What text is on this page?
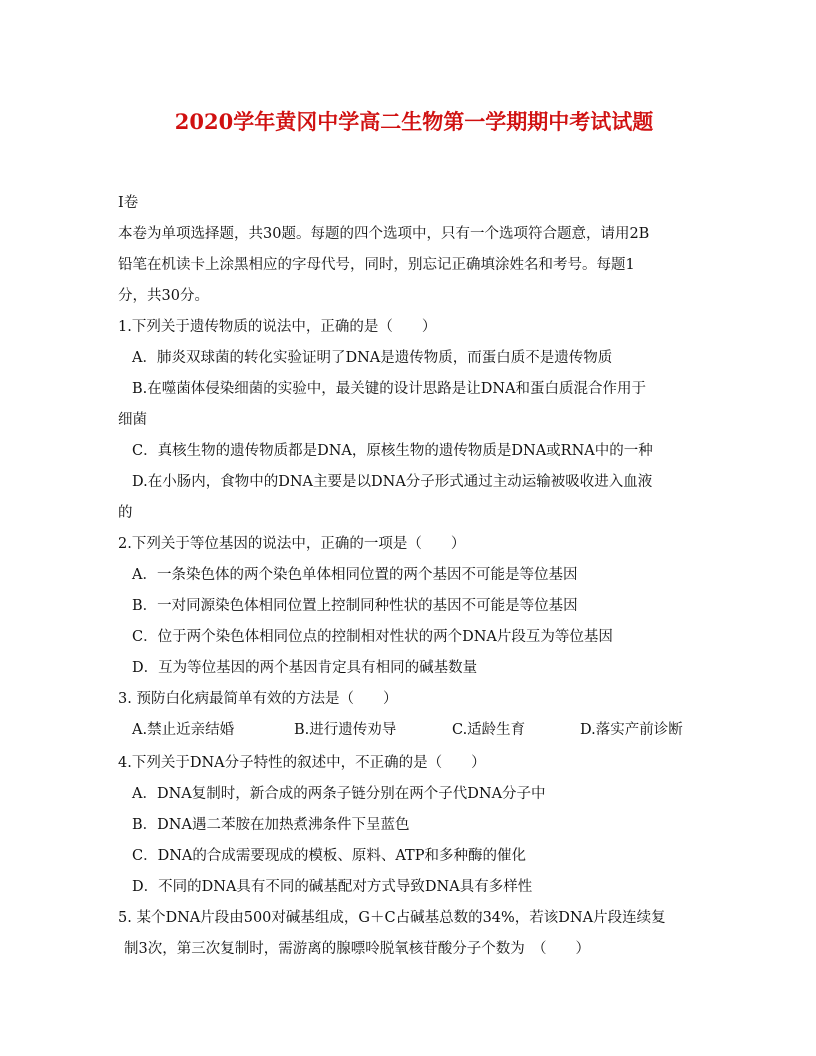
2020学年黄冈中学高二生物第一学期期中考试试题
I卷
本卷为单项选择题，共30题。每题的四个选项中，只有一个选项符合题意，请用2B
铅笔在机读卡上涂黑相应的字母代号，同时，别忘记正确填涂姓名和考号。每题1
分，共30分。
1.下列关于遗传物质的说法中，正确的是（　　）
A．肺炎双球菌的转化实验证明了DNA是遗传物质，而蛋白质不是遗传物质
B.在噬菌体侵染细菌的实验中，最关键的设计思路是让DNA和蛋白质混合作用于
细菌
C．真核生物的遗传物质都是DNA，原核生物的遗传物质是DNA或RNA中的一种
D.在小肠内，食物中的DNA主要是以DNA分子形式通过主动运输被吸收进入血液
的
2.下列关于等位基因的说法中，正确的一项是（　　）
A．一条染色体的两个染色单体相同位置的两个基因不可能是等位基因
B．一对同源染色体相同位置上控制同种性状的基因不可能是等位基因
C．位于两个染色体相同位点的控制相对性状的两个DNA片段互为等位基因
D．互为等位基因的两个基因肯定具有相同的碱基数量
3. 预防白化病最简单有效的方法是（　　）
A.禁止近亲结婚	B.进行遗传劝导	C.适龄生育	D.落实产前诊断
4.下列关于DNA分子特性的叙述中，不正确的是（　　）
A．DNA复制时，新合成的两条子链分别在两个子代DNA分子中
B．DNA遇二苯胺在加热煮沸条件下呈蓝色
C．DNA的合成需要现成的模板、原料、ATP和多种酶的催化
D．不同的DNA具有不同的碱基配对方式导致DNA具有多样性
5. 某个DNA片段由500对碱基组成，G＋C占碱基总数的34%，若该DNA片段连续复
制3次，第三次复制时，需游离的腺嘌呤脱氧核苷酸分子个数为　（　　）
